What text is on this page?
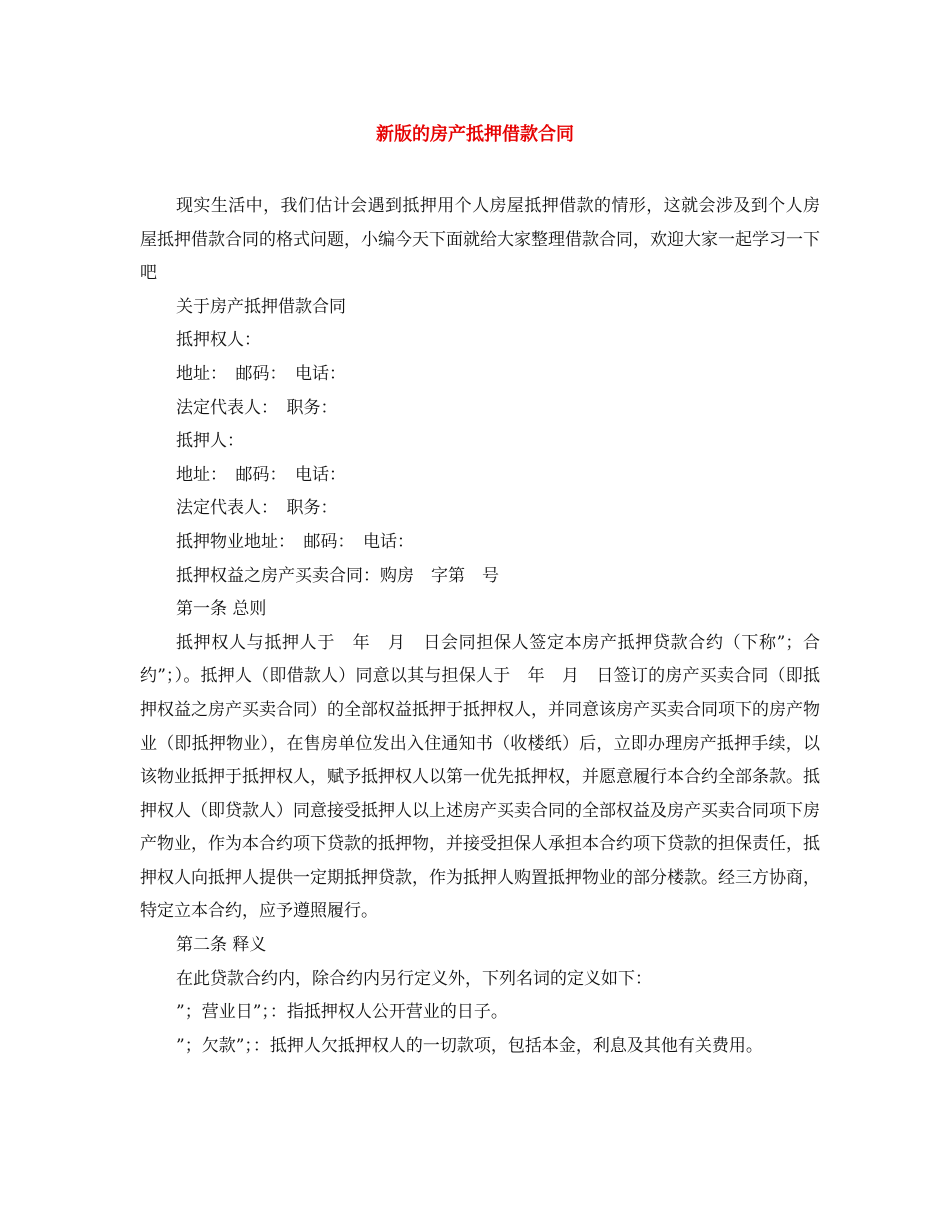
新版的房产抵押借款合同

现实生活中，我们估计会遇到抵押用个人房屋抵押借款的情形，这就会涉及到个人房屋抵押借款合同的格式问题，小编今天下面就给大家整理借款合同，欢迎大家一起学习一下吧

关于房产抵押借款合同

抵押权人：

地址：　邮码：　电话：

法定代表人：　职务：

抵押人：

地址：　邮码：　电话：

法定代表人：　职务：

抵押物业地址：　邮码：　电话：

抵押权益之房产买卖合同：购房　字第　号

第一条 总则

抵押权人与抵押人于　年　月　日会同担保人签定本房产抵押贷款合约（下称”；合约”；）。抵押人（即借款人）同意以其与担保人于　年　月　日签订的房产买卖合同（即抵押权益之房产买卖合同）的全部权益抵押于抵押权人，并同意该房产买卖合同项下的房产物业（即抵押物业），在售房单位发出入住通知书（收楼纸）后，立即办理房产抵押手续，以该物业抵押于抵押权人，赋予抵押权人以第一优先抵押权，并愿意履行本合约全部条款。抵押权人（即贷款人）同意接受抵押人以上述房产买卖合同的全部权益及房产买卖合同项下房产物业，作为本合约项下贷款的抵押物，并接受担保人承担本合约项下贷款的担保责任，抵押权人向抵押人提供一定期抵押贷款，作为抵押人购置抵押物业的部分楼款。经三方协商，特定立本合约，应予遵照履行。

第二条 释义

在此贷款合约内，除合约内另行定义外，下列名词的定义如下：

”；营业日”；：指抵押权人公开营业的日子。

”；欠款”；：抵押人欠抵押权人的一切款项，包括本金，利息及其他有关费用。
